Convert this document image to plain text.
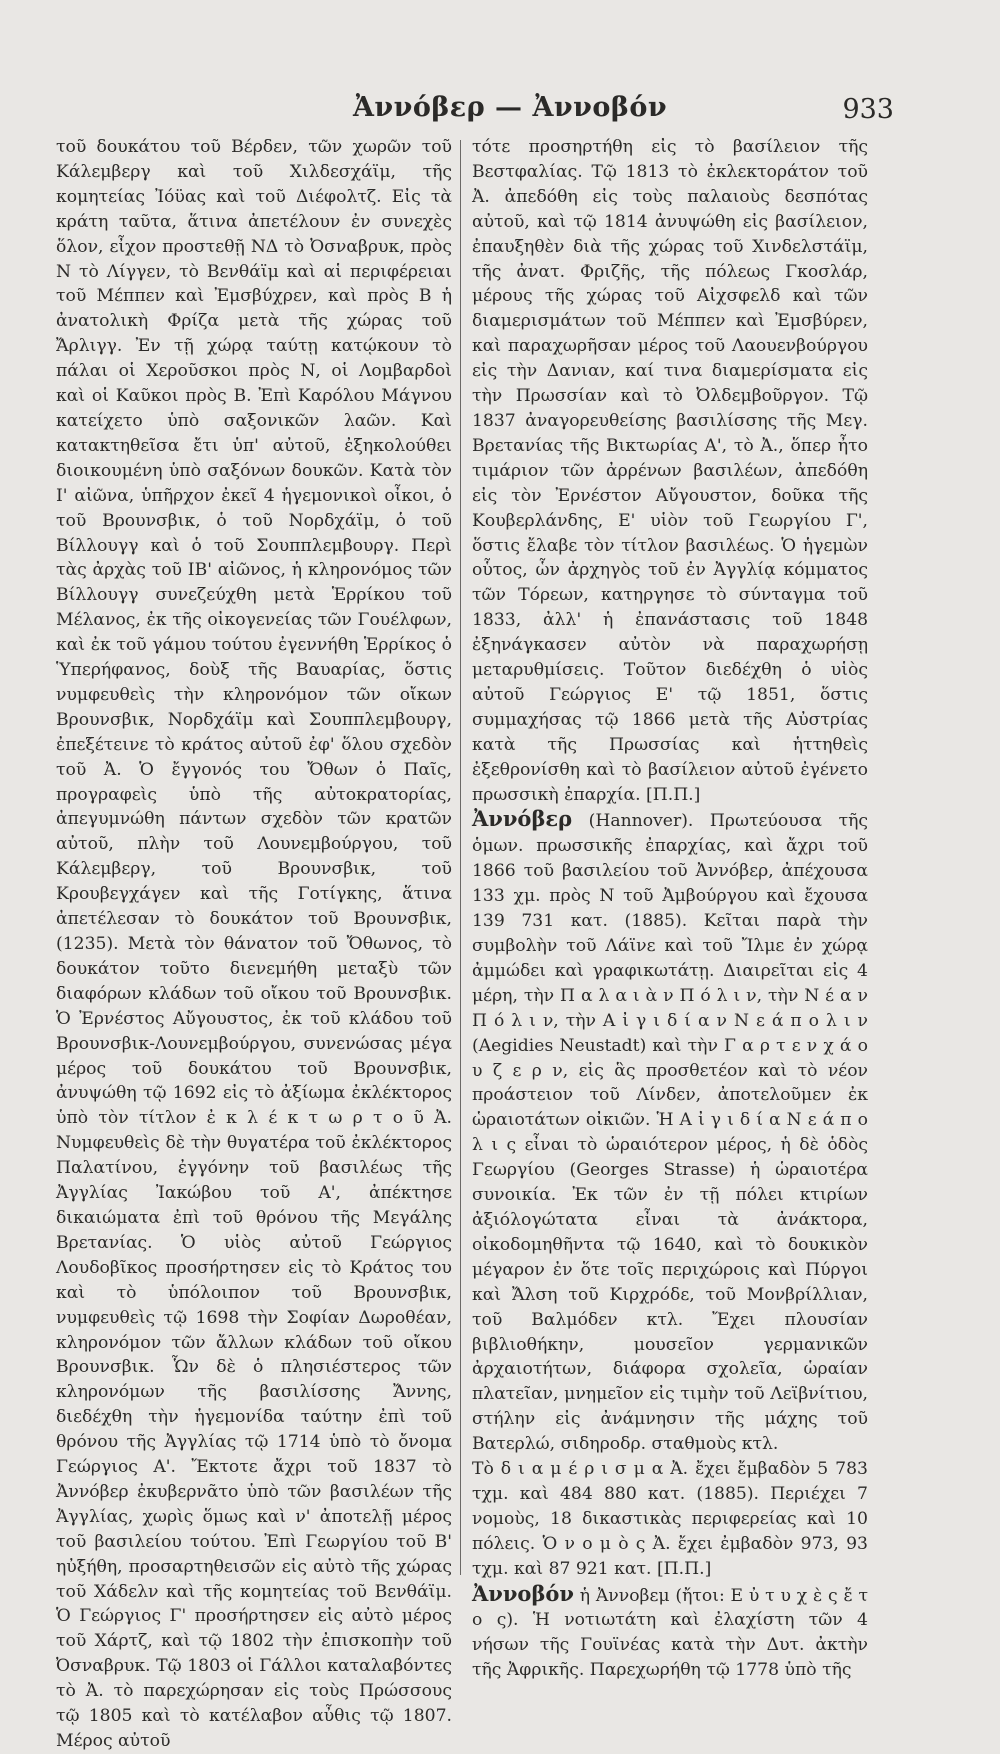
Ἀννόβερ — Ἀννοβόν	933

τοῦ δουκάτου τοῦ Βέρδεν, τῶν χωρῶν τοῦ Κάλεμβεργ καὶ τοῦ Χιλδεσχάϊμ, τῆς κομητείας Ἰόϋας καὶ τοῦ Διέφολτζ. Εἰς τὰ κράτη ταῦτα, ἅτινα ἀπετέλουν ἐν συνεχὲς ὅλον, εἶχον προστεθῇ ΝΔ τὸ Ὀσναβρυκ, πρὸς Ν τὸ Λίγγεν, τὸ Βενθάϊμ καὶ αἱ περιφέρειαι τοῦ Μέππεν καὶ Ἐμσβύχρεν, καὶ πρὸς Β ἡ ἀνατολικὴ Φρίζα μετὰ τῆς χώρας τοῦ Ἄρλιγγ. Ἐν τῇ χώρᾳ ταύτῃ κατῴκουν τὸ πάλαι οἱ Χεροῦσκοι πρὸς Ν, οἱ Λομβαρδοὶ καὶ οἱ Καῦκοι πρὸς Β. Ἐπὶ Καρόλου Μάγνου κατείχετο ὑπὸ σαξονικῶν λαῶν. Καὶ κατακτηθεῖσα ἔτι ὑπ' αὐτοῦ, ἐξηκολούθει διοικουμένη ὑπὸ σαξόνων δουκῶν. Κατὰ τὸν Ι' αἰῶνα, ὑπῆρχον ἐκεῖ 4 ἡγεμονικοὶ οἶκοι, ὁ τοῦ Βρουνσβικ, ὁ τοῦ Νορδχάϊμ, ὁ τοῦ Βίλλουγγ καὶ ὁ τοῦ Σουππλεμβουργ. Περὶ τὰς ἀρχὰς τοῦ ΙΒ' αἰῶνος, ἡ κληρονόμος τῶν Βίλλουγγ συνεζεύχθη μετὰ Ἑρρίκου τοῦ Μέλανος, ἐκ τῆς οἰκογενείας τῶν Γουέλφων, καὶ ἐκ τοῦ γάμου τούτου ἐγεννήθη Ἑρρίκος ὁ Ὑπερήφανος, δοὺξ τῆς Βαυαρίας, ὅστις νυμφευθεὶς τὴν κληρονόμον τῶν οἴκων Βρουνσβικ, Νορδχάϊμ καὶ Σουππλεμβουργ, ἐπεξέτεινε τὸ κράτος αὐτοῦ ἐφ' ὅλου σχεδὸν τοῦ Ἀ. Ὁ ἔγγονός του Ὄθων ὁ Παῖς, προγραφεὶς ὑπὸ τῆς αὐτοκρατορίας, ἀπεγυμνώθη πάντων σχεδὸν τῶν κρατῶν αὐτοῦ, πλὴν τοῦ Λουνεμβούργου, τοῦ Κάλεμβεργ, τοῦ Βρουνσβικ, τοῦ Κρουβεγχάγεν καὶ τῆς Γοτίγκης, ἅτινα ἀπετέλεσαν τὸ δουκάτον τοῦ Βρουνσβικ, (1235). Μετὰ τὸν θάνατον τοῦ Ὄθωνος, τὸ δουκάτον τοῦτο διενεμήθη μεταξὺ τῶν διαφόρων κλάδων τοῦ οἴκου τοῦ Βρουνσβικ. Ὁ Ἐρνέστος Αὔγουστος, ἐκ τοῦ κλάδου τοῦ Βρουνσβικ-Λουνεμβούργου, συνενώσας μέγα μέρος τοῦ δουκάτου τοῦ Βρουνσβικ, ἀνυψώθη τῷ 1692 εἰς τὸ ἀξίωμα ἐκλέκτορος ὑπὸ τὸν τίτλον ἐ κ λ έ κ τ ω ρ τ ο ῦ Ἀ. Νυμφευθεὶς δὲ τὴν θυγατέρα τοῦ ἐκλέκτορος Παλατίνου, ἐγγόνην τοῦ βασιλέως τῆς Ἀγγλίας Ἰακώβου τοῦ Α', ἀπέκτησε δικαιώματα ἐπὶ τοῦ θρόνου τῆς Μεγάλης Βρετανίας. Ὁ υἱὸς αὐτοῦ Γεώργιος Λουδοβῖκος προσήρτησεν εἰς τὸ Κράτος του καὶ τὸ ὑπόλοιπον τοῦ Βρουνσβικ, νυμφευθεὶς τῷ 1698 τὴν Σοφίαν Δωροθέαν, κληρονόμον τῶν ἄλλων κλάδων τοῦ οἴκου Βρουνσβικ. Ὧν δὲ ὁ πλησιέστερος τῶν κληρονόμων τῆς βασιλίσσης Ἄννης, διεδέχθη τὴν ἡγεμονίδα ταύτην ἐπὶ τοῦ θρόνου τῆς Ἀγγλίας τῷ 1714 ὑπὸ τὸ ὄνομα Γεώργιος Α'. Ἔκτοτε ἄχρι τοῦ 1837 τὸ Ἀννόβερ ἐκυβερνᾶτο ὑπὸ τῶν βασιλέων τῆς Ἀγγλίας, χωρὶς ὅμως καὶ ν' ἀποτελῇ μέρος τοῦ βασιλείου τούτου. Ἐπὶ Γεωργίου τοῦ Β' ηὐξήθη, προσαρτηθεισῶν εἰς αὐτὸ τῆς χώρας τοῦ Χάδελν καὶ τῆς κομητείας τοῦ Βενθάϊμ. Ὁ Γεώργιος Γ' προσήρτησεν εἰς αὐτὸ μέρος τοῦ Χάρτζ, καὶ τῷ 1802 τὴν ἐπισκοπὴν τοῦ Ὀσναβρυκ. Τῷ 1803 οἱ Γάλλοι καταλαβόντες τὸ Ἀ. τὸ παρεχώρησαν εἰς τοὺς Πρώσσους τῷ 1805 καὶ τὸ κατέλαβον αὖθις τῷ 1807. Μέρος αὐτοῦ

τότε προσηρτήθη εἰς τὸ βασίλειον τῆς Βεστφαλίας. Τῷ 1813 τὸ ἐκλεκτοράτον τοῦ Ἀ. ἀπεδόθη εἰς τοὺς παλαιοὺς δεσπότας αὐτοῦ, καὶ τῷ 1814 ἀνυψώθη εἰς βασίλειον, ἐπαυξηθὲν διὰ τῆς χώρας τοῦ Χινδελστάϊμ, τῆς ἀνατ. Φριζῆς, τῆς πόλεως Γκοσλάρ, μέρους τῆς χώρας τοῦ Αἰχσφελδ καὶ τῶν διαμερισμάτων τοῦ Μέππεν καὶ Ἐμσβύρεν, καὶ παραχωρῆσαν μέρος τοῦ Λαουενβούργου εἰς τὴν Δανιαν, καί τινα διαμερίσματα εἰς τὴν Πρωσσίαν καὶ τὸ Ὀλδεμβοῦργον. Τῷ 1837 ἀναγορευθείσης βασιλίσσης τῆς Μεγ. Βρετανίας τῆς Βικτωρίας Α', τὸ Ἀ., ὅπερ ἦτο τιμάριον τῶν ἀρρένων βασιλέων, ἀπεδόθη εἰς τὸν Ἐρνέστον Αὔγουστον, δοῦκα τῆς Κουβερλάνδης, Ε' υἱὸν τοῦ Γεωργίου Γ', ὅστις ἔλαβε τὸν τίτλον βασιλέως. Ὁ ἡγεμὼν οὗτος, ὧν ἀρχηγὸς τοῦ ἐν Ἀγγλίᾳ κόμματος τῶν Τόρεων, κατηργησε τὸ σύνταγμα τοῦ 1833, ἀλλ' ἡ ἐπανάστασις τοῦ 1848 ἐξηνάγκασεν αὐτὸν νὰ παραχωρήσῃ μεταρυθμίσεις. Τοῦτον διεδέχθη ὁ υἱὸς αὐτοῦ Γεώργιος Ε' τῷ 1851, ὅστις συμμαχήσας τῷ 1866 μετὰ τῆς Αὐστρίας κατὰ τῆς Πρωσσίας καὶ ἡττηθεὶς ἐξεθρονίσθη καὶ τὸ βασίλειον αὐτοῦ ἐγένετο πρωσσικὴ ἐπαρχία. [Π.Π.]

Ἀννόβερ (Hannover). Πρωτεύουσα τῆς ὁμων. πρωσσικῆς ἐπαρχίας, καὶ ἄχρι τοῦ 1866 τοῦ βασιλείου τοῦ Ἀννόβερ, ἀπέχουσα 133 χμ. πρὸς Ν τοῦ Ἀμβούργου καὶ ἔχουσα 139 731 κατ. (1885). Κεῖται παρὰ τὴν συμβολὴν τοῦ Λάϊνε καὶ τοῦ Ἴλμε ἐν χώρᾳ ἀμμώδει καὶ γραφικωτάτῃ. Διαιρεῖται εἰς 4 μέρη, τὴν Π α λ α ι ὰ ν Π ό λ ι ν, τὴν Ν έ α ν Π ό λ ι ν, τὴν Α ἰ γ ι δ ί α ν Ν ε ά π ο λ ι ν (Aegidies Neustadt) καὶ τὴν Γ α ρ τ ε ν χ ά ο υ ζ ε ρ ν, εἰς ἃς προσθετέον καὶ τὸ νέον προάστειον τοῦ Λίνδεν, ἀποτελοῦμεν ἐκ ὡραιοτάτων οἰκιῶν. Ἡ Α ἰ γ ι δ ί α Ν ε ά π ο λ ι ς εἶναι τὸ ὡραιότερον μέρος, ἡ δὲ ὁδὸς Γεωργίου (Georges Strasse) ἡ ὡραιοτέρα συνοικία. Ἐκ τῶν ἐν τῇ πόλει κτιρίων ἀξιόλογώτατα εἶναι τὰ ἀνάκτορα, οἰκοδομηθῆντα τῷ 1640, καὶ τὸ δουκικὸν μέγαρον ἐν ὅτε τοῖς περιχώροις καὶ Πύργοι καὶ Ἄλση τοῦ Κιρχρόδε, τοῦ Μονβρίλλιαν, τοῦ Βαλμόδεν κτλ. Ἔχει πλουσίαν βιβλιοθήκην, μουσεῖον γερμανικῶν ἀρχαιοτήτων, διάφορα σχολεῖα, ὡραίαν πλατεῖαν, μνημεῖον εἰς τιμὴν τοῦ Λεϊβνίτιου, στήλην εἰς ἀνάμνησιν τῆς μάχης τοῦ Βατερλώ, σιδηροδρ. σταθμοὺς κτλ.

Τὸ δ ι α μ έ ρ ι σ μ α Ἀ. ἔχει ἔμβαδὸν 5 783 τχμ. καὶ 484 880 κατ. (1885). Περιέχει 7 νομοὺς, 18 δικαστικὰς περιφερείας καὶ 10 πόλεις. Ὁ ν ο μ ὸ ς Ἀ. ἔχει ἐμβαδὸν 973, 93 τχμ. καὶ 87 921 κατ. [Π.Π.]

Ἀννοβόν ἡ Ἀννοβεμ (ἤτοι: Ε ὐ τ υ χ ὲ ς ἔ τ ο ς). Ἡ νοτιωτάτη καὶ ἐλαχίστη τῶν 4 νήσων τῆς Γουϊνέας κατὰ τὴν Δυτ. ἀκτὴν τῆς Ἀφρικῆς. Παρεχωρήθη τῷ 1778 ὑπὸ τῆς
